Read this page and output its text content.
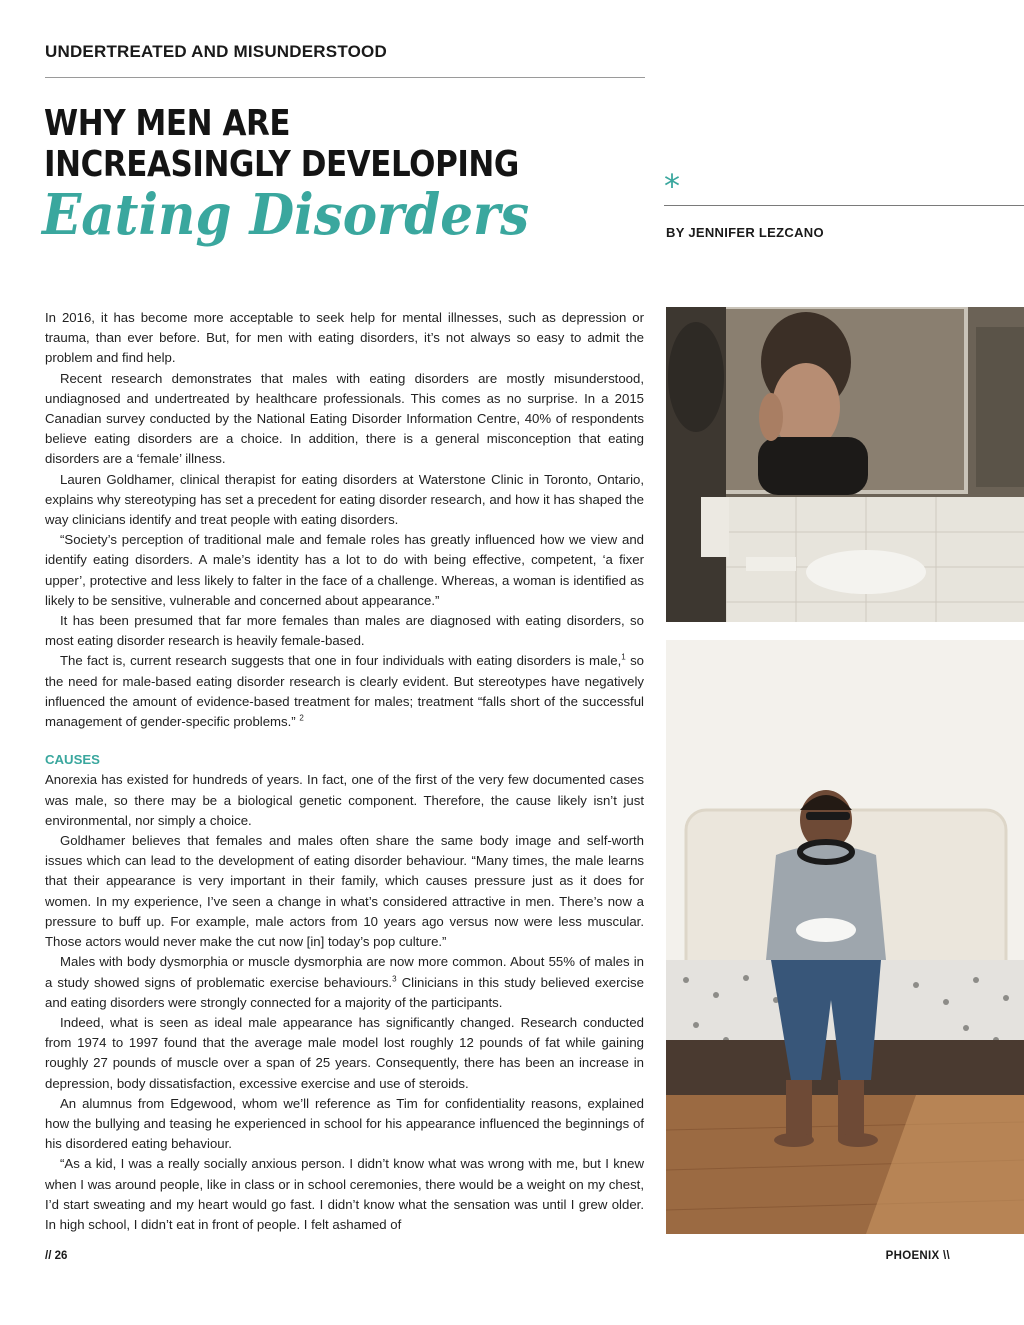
UNDERTREATED AND MISUNDERSTOOD
WHY MEN ARE
INCREASINGLY DEVELOPING
Eating Disorders	*
BY JENNIFER LEZCANO

In 2016, it has become more acceptable to seek help for mental illnesses, such as depression or trauma, than ever before. But, for men with eating disorders, it’s not always so easy to admit the problem and find help.

Recent research demonstrates that males with eating disorders are mostly misunderstood, undiagnosed and undertreated by healthcare professionals. This comes as no surprise. In a 2015 Canadian survey conducted by the National Eating Disorder Information Centre, 40% of respondents believe eating disorders are a choice. In addition, there is a general misconception that eating disorders are a ‘female’ illness.

Lauren Goldhamer, clinical therapist for eating disorders at Waterstone Clinic in Toronto, Ontario, explains why stereotyping has set a precedent for eating disorder research, and how it has shaped the way clinicians identify and treat people with eating disorders.

“Society’s perception of traditional male and female roles has greatly influenced how we view and identify eating disorders. A male’s identity has a lot to do with being effective, competent, ‘a fixer upper’, protective and less likely to falter in the face of a challenge. Whereas, a woman is identified as likely to be sensitive, vulnerable and concerned about appearance.”

It has been presumed that far more females than males are diagnosed with eating disorders, so most eating disorder research is heavily female-based.

The fact is, current research suggests that one in four individuals with eating disorders is male,$^1$ so the need for male-based eating disorder research is clearly evident. But stereotypes have negatively influenced the amount of evidence-based treatment for males; treatment “falls short of the successful management of gender-specific problems.” $^2$

CAUSES

Anorexia has existed for hundreds of years. In fact, one of the first of the very few documented cases was male, so there may be a biological genetic component. Therefore, the cause likely isn’t just environmental, nor simply a choice.

Goldhamer believes that females and males often share the same body image and self-worth issues which can lead to the development of eating disorder behaviour. “Many times, the male learns that their appearance is very important in their family, which causes pressure just as it does for women. In my experience, I’ve seen a change in what’s considered attractive in men. There’s now a pressure to buff up. For example, male actors from 10 years ago versus now were less muscular. Those actors would never make the cut now [in] today’s pop culture.”

Males with body dysmorphia or muscle dysmorphia are now more common. About 55% of males in a study showed signs of problematic exercise behaviours.$^3$ Clinicians in this study believed exercise and eating disorders were strongly connected for a majority of the participants.

Indeed, what is seen as ideal male appearance has significantly changed. Research conducted from 1974 to 1997 found that the average male model lost roughly 12 pounds of fat while gaining roughly 27 pounds of muscle over a span of 25 years. Consequently, there has been an increase in depression, body dissatisfaction, excessive exercise and use of steroids.

An alumnus from Edgewood, whom we’ll reference as Tim for confidentiality reasons, explained how the bullying and teasing he experienced in school for his appearance influenced the beginnings of his disordered eating behaviour.

“As a kid, I was a really socially anxious person. I didn’t know what was wrong with me, but I knew when I was around people, like in class or in school ceremonies, there would be a weight on my chest, I’d start sweating and my heart would go fast. I didn’t know what the sensation was until I grew older. In high school, I didn’t eat in front of people. I felt ashamed of

// 26	PHOENIX \\
